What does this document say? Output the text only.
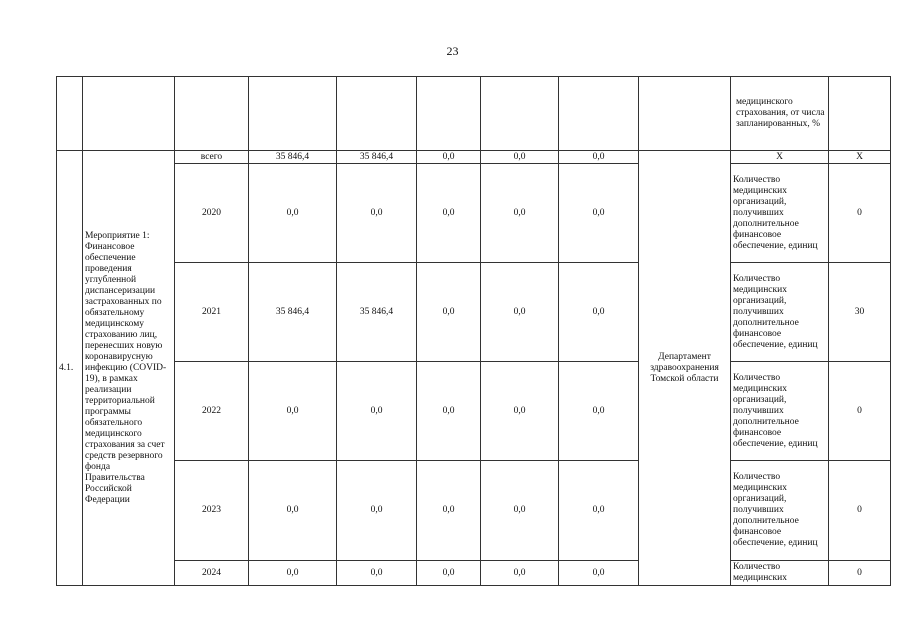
23

									медицинского страхования, от числа запланированных, %	

4.1.	Мероприятие 1: Финансовое обеспечение проведения углубленной диспансеризации застрахованных по обязательному медицинскому страхованию лиц, перенесших новую коронавирусную инфекцию (COVID-19), в рамках реализации территориальной программы обязательного медицинского страхования за счет средств резервного фонда Правительства Российской Федерации	всего	35 846,4	35 846,4	0,0	0,0	0,0	Департамент здравоохранения Томской области	Х	Х
		2020	0,0	0,0	0,0	0,0	0,0		Количество медицинских организаций, получивших дополнительное финансовое обеспечение, единиц	0
		2021	35 846,4	35 846,4	0,0	0,0	0,0		Количество медицинских организаций, получивших дополнительное финансовое обеспечение, единиц	30
		2022	0,0	0,0	0,0	0,0	0,0		Количество медицинских организаций, получивших дополнительное финансовое обеспечение, единиц	0
		2023	0,0	0,0	0,0	0,0	0,0		Количество медицинских организаций, получивших дополнительное финансовое обеспечение, единиц	0
		2024	0,0	0,0	0,0	0,0	0,0		Количество медицинских	0
